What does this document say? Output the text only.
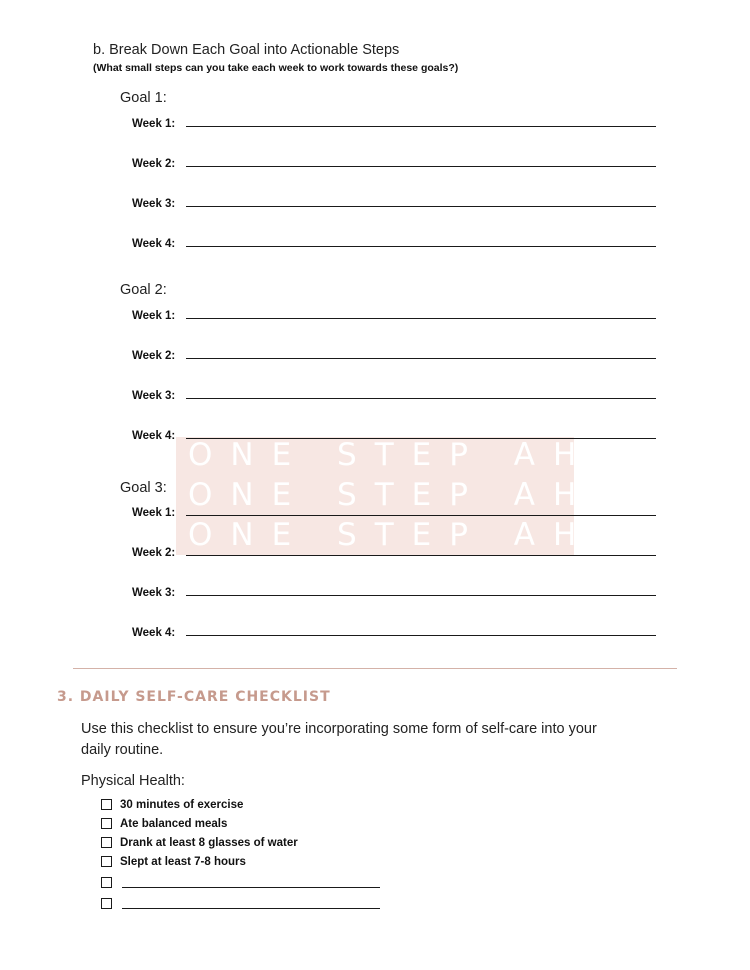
b. Break Down Each Goal into Actionable Steps
(What small steps can you take each week to work towards these goals?)
ONE STEP AHEAD
ONE STEP AHEAD
ONE STEP AHEAD
Goal 1:
Week 1:
Week 2:
Week 3:
Week 4:
Goal 2:
Week 1:
Week 2:
Week 3:
Week 4:
Goal 3:
Week 1:
Week 2:
Week 3:
Week 4:
3. DAILY SELF-CARE CHECKLIST
Use this checklist to ensure you’re incorporating some form of self-care into your daily routine.
Physical Health:
30 minutes of exercise
Ate balanced meals
Drank at least 8 glasses of water
Slept at least 7-8 hours
